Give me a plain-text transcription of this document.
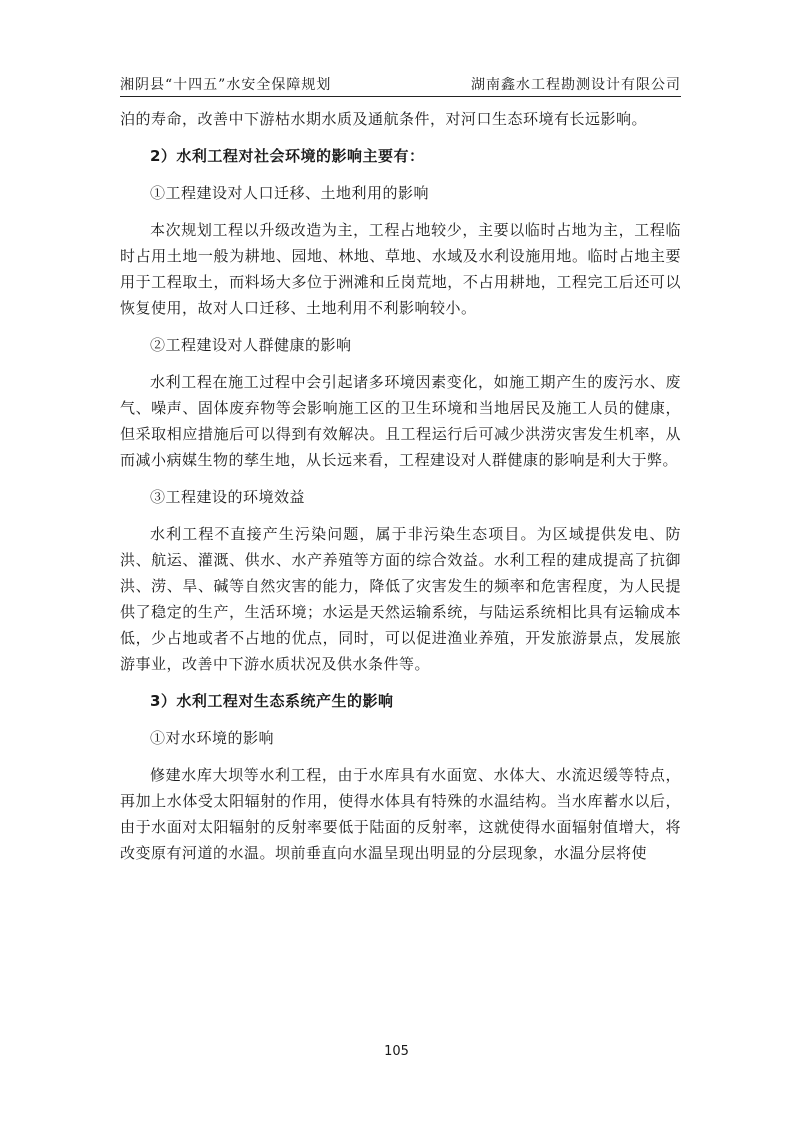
湘阴县“十四五”水安全保障规划	湖南鑫水工程勘测设计有限公司

泊的寿命，改善中下游枯水期水质及通航条件，对河口生态环境有长远影响。

2）水利工程对社会环境的影响主要有：

①工程建设对人口迁移、土地利用的影响

本次规划工程以升级改造为主，工程占地较少，主要以临时占地为主，工程临时占用土地一般为耕地、园地、林地、草地、水域及水利设施用地。临时占地主要用于工程取土，而料场大多位于洲滩和丘岗荒地，不占用耕地，工程完工后还可以恢复使用，故对人口迁移、土地利用不利影响较小。

②工程建设对人群健康的影响

水利工程在施工过程中会引起诸多环境因素变化，如施工期产生的废污水、废气、噪声、固体废弃物等会影响施工区的卫生环境和当地居民及施工人员的健康，但采取相应措施后可以得到有效解决。且工程运行后可减少洪涝灾害发生机率，从而减小病媒生物的孳生地，从长远来看，工程建设对人群健康的影响是利大于弊。

③工程建设的环境效益

水利工程不直接产生污染问题，属于非污染生态项目。为区域提供发电、防洪、航运、灌溉、供水、水产养殖等方面的综合效益。水利工程的建成提高了抗御洪、涝、旱、碱等自然灾害的能力，降低了灾害发生的频率和危害程度，为人民提供了稳定的生产，生活环境；水运是天然运输系统，与陆运系统相比具有运输成本低，少占地或者不占地的优点，同时，可以促进渔业养殖，开发旅游景点，发展旅游事业，改善中下游水质状况及供水条件等。

3）水利工程对生态系统产生的影响

①对水环境的影响

修建水库大坝等水利工程，由于水库具有水面宽、水体大、水流迟缓等特点，再加上水体受太阳辐射的作用，使得水体具有特殊的水温结构。当水库蓄水以后，由于水面对太阳辐射的反射率要低于陆面的反射率，这就使得水面辐射值增大，将改变原有河道的水温。坝前垂直向水温呈现出明显的分层现象，水温分层将使

105
